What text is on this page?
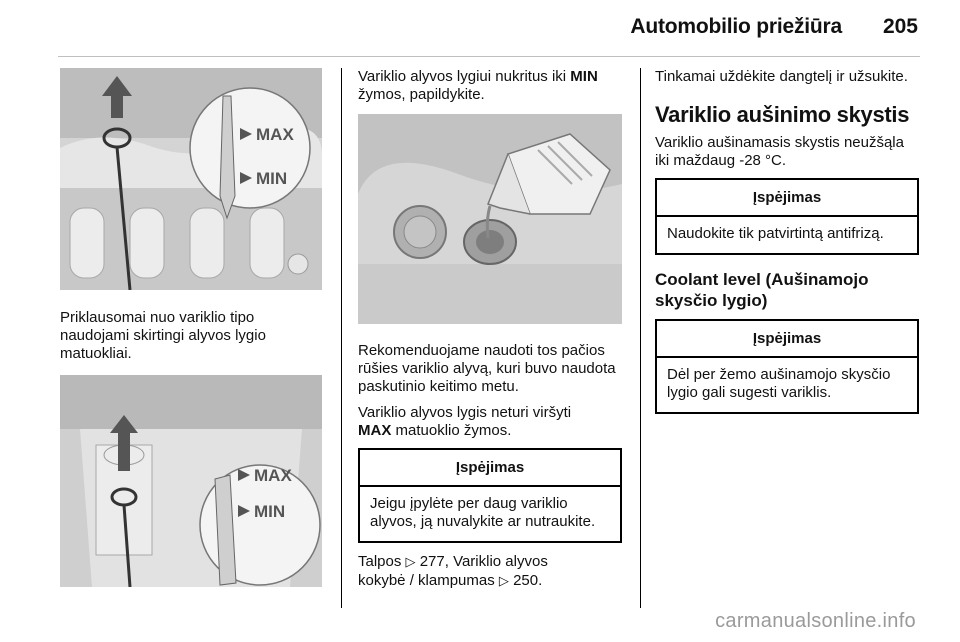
Automobilio priežiūra 205
MAX
MIN
Priklausomai nuo variklio tipo naudojami skirtingi alyvos lygio matuokliai.
MAX
MIN
Variklio alyvos lygiui nukritus iki MIN
žymos, papildykite.
Rekomenduojame naudoti tos pačios rūšies variklio alyvą, kuri buvo naudota paskutinio keitimo metu.
Variklio alyvos lygis neturi viršyti
MAX matuoklio žymos.
Įspėjimas
Jeigu įpylėte per daug variklio alyvos, ją nuvalykite ar nutraukite.
Talpos ▷ 277, Variklio alyvos
kokybė / klampumas ▷ 250.
Tinkamai uždėkite dangtelį ir užsukite.
Variklio aušinimo skystis
Variklio aušinamasis skystis neužšąla iki maždaug -28 °C.
Įspėjimas
Naudokite tik patvirtintą antifrizą.
Coolant level (Aušinamojo skysčio lygio)
Įspėjimas
Dėl per žemo aušinamojo skysčio lygio gali sugesti variklis.
carmanualsonline.info
